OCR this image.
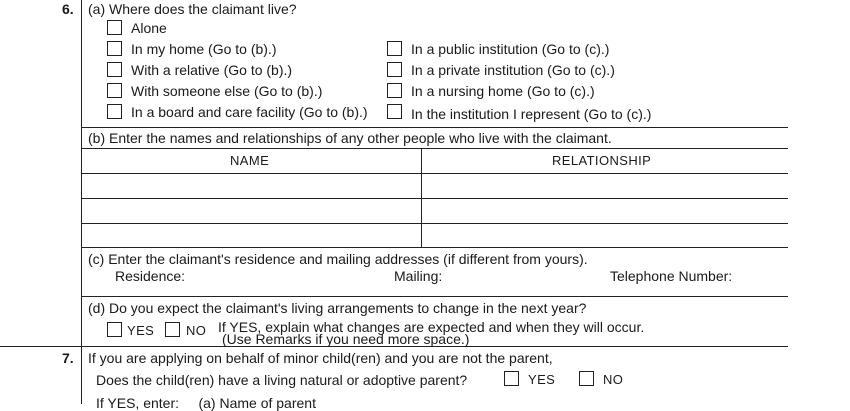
6. (a) Where does the claimant live?
Alone
In my home (Go to (b).)
With a relative (Go to (b).)
With someone else (Go to (b).)
In a board and care facility (Go to (b).)
In a public institution (Go to (c).)
In a private institution (Go to (c).)
In a nursing home (Go to (c).)
In the institution I represent (Go to (c).)
(b) Enter the names and relationships of any other people who live with the claimant.
NAME	RELATIONSHIP
(c) Enter the claimant's residence and mailing addresses (if different from yours).
Residence:	Mailing:	Telephone Number:
(d) Do you expect the claimant's living arrangements to change in the next year?
YES NO If YES, explain what changes are expected and when they will occur.
(Use Remarks if you need more space.)
7. If you are applying on behalf of minor child(ren) and you are not the parent,
Does the child(ren) have a living natural or adoptive parent?	YES	NO
If YES, enter:     (a) Name of parent
